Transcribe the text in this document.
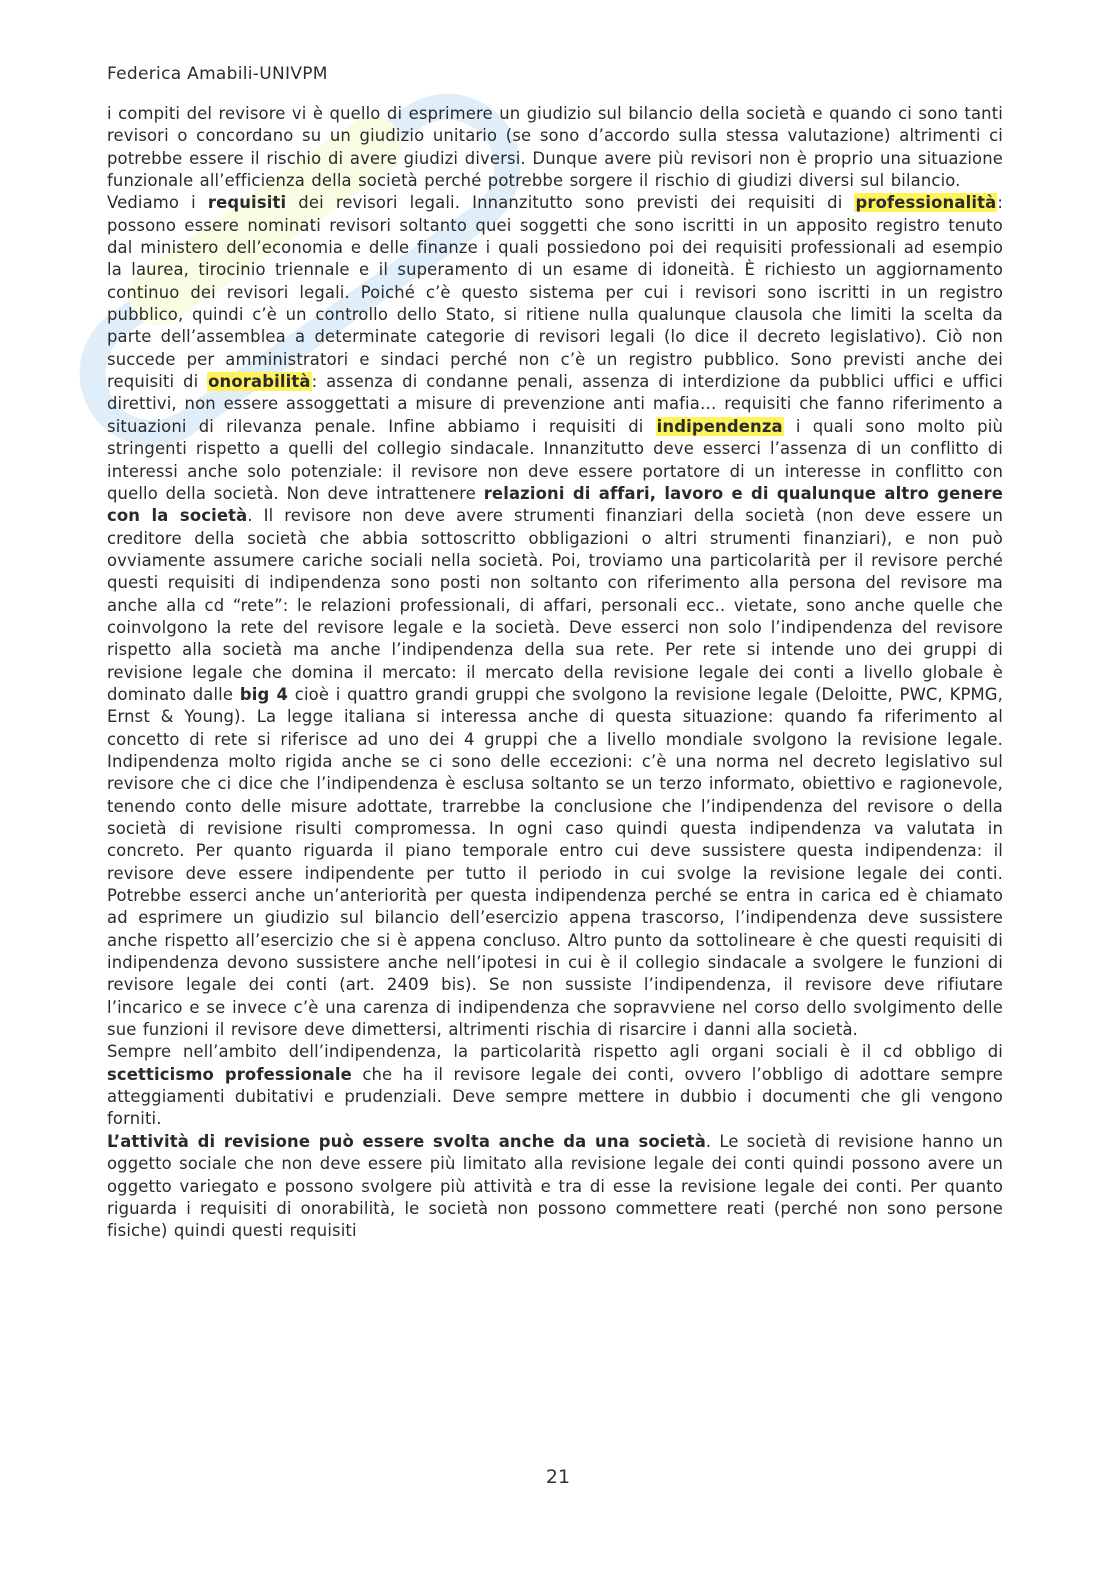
Federica Amabili-UNIVPM

i compiti del revisore vi è quello di esprimere un giudizio sul bilancio della società e quando ci sono tanti revisori o concordano su un giudizio unitario (se sono d’accordo sulla stessa valutazione) altrimenti ci potrebbe essere il rischio di avere giudizi diversi. Dunque avere più revisori non è proprio una situazione funzionale all’efficienza della società perché potrebbe sorgere il rischio di giudizi diversi sul bilancio.

Vediamo i requisiti dei revisori legali. Innanzitutto sono previsti dei requisiti di professionalità: possono essere nominati revisori soltanto quei soggetti che sono iscritti in un apposito registro tenuto dal ministero dell’economia e delle finanze i quali possiedono poi dei requisiti professionali ad esempio la laurea, tirocinio triennale e il superamento di un esame di idoneità. È richiesto un aggiornamento continuo dei revisori legali. Poiché c’è questo sistema per cui i revisori sono iscritti in un registro pubblico, quindi c’è un controllo dello Stato, si ritiene nulla qualunque clausola che limiti la scelta da parte dell’assemblea a determinate categorie di revisori legali (lo dice il decreto legislativo). Ciò non succede per amministratori e sindaci perché non c’è un registro pubblico. Sono previsti anche dei requisiti di onorabilità: assenza di condanne penali, assenza di interdizione da pubblici uffici e uffici direttivi, non essere assoggettati a misure di prevenzione anti mafia… requisiti che fanno riferimento a situazioni di rilevanza penale. Infine abbiamo i requisiti di indipendenza i quali sono molto più stringenti rispetto a quelli del collegio sindacale. Innanzitutto deve esserci l’assenza di un conflitto di interessi anche solo potenziale: il revisore non deve essere portatore di un interesse in conflitto con quello della società. Non deve intrattenere relazioni di affari, lavoro e di qualunque altro genere con la società. Il revisore non deve avere strumenti finanziari della società (non deve essere un creditore della società che abbia sottoscritto obbligazioni o altri strumenti finanziari), e non può ovviamente assumere cariche sociali nella società. Poi, troviamo una particolarità per il revisore perché questi requisiti di indipendenza sono posti non soltanto con riferimento alla persona del revisore ma anche alla cd “rete”: le relazioni professionali, di affari, personali ecc.. vietate, sono anche quelle che coinvolgono la rete del revisore legale e la società. Deve esserci non solo l’indipendenza del revisore rispetto alla società ma anche l’indipendenza della sua rete. Per rete si intende uno dei gruppi di revisione legale che domina il mercato: il mercato della revisione legale dei conti a livello globale è dominato dalle big 4 cioè i quattro grandi gruppi che svolgono la revisione legale (Deloitte, PWC, KPMG, Ernst & Young). La legge italiana si interessa anche di questa situazione: quando fa riferimento al concetto di rete si riferisce ad uno dei 4 gruppi che a livello mondiale svolgono la revisione legale. Indipendenza molto rigida anche se ci sono delle eccezioni: c’è una norma nel decreto legislativo sul revisore che ci dice che l’indipendenza è esclusa soltanto se un terzo informato, obiettivo e ragionevole, tenendo conto delle misure adottate, trarrebbe la conclusione che l’indipendenza del revisore o della società di revisione risulti compromessa. In ogni caso quindi questa indipendenza va valutata in concreto. Per quanto riguarda il piano temporale entro cui deve sussistere questa indipendenza: il revisore deve essere indipendente per tutto il periodo in cui svolge la revisione legale dei conti. Potrebbe esserci anche un’anteriorità per questa indipendenza perché se entra in carica ed è chiamato ad esprimere un giudizio sul bilancio dell’esercizio appena trascorso, l’indipendenza deve sussistere anche rispetto all’esercizio che si è appena concluso. Altro punto da sottolineare è che questi requisiti di indipendenza devono sussistere anche nell’ipotesi in cui è il collegio sindacale a svolgere le funzioni di revisore legale dei conti (art. 2409 bis). Se non sussiste l’indipendenza, il revisore deve rifiutare l’incarico e se invece c’è una carenza di indipendenza che sopravviene nel corso dello svolgimento delle sue funzioni il revisore deve dimettersi, altrimenti rischia di risarcire i danni alla società.

Sempre nell’ambito dell’indipendenza, la particolarità rispetto agli organi sociali è il cd obbligo di scetticismo professionale che ha il revisore legale dei conti, ovvero l’obbligo di adottare sempre atteggiamenti dubitativi e prudenziali. Deve sempre mettere in dubbio i documenti che gli vengono forniti.

L’attività di revisione può essere svolta anche da una società. Le società di revisione hanno un oggetto sociale che non deve essere più limitato alla revisione legale dei conti quindi possono avere un oggetto variegato e possono svolgere più attività e tra di esse la revisione legale dei conti. Per quanto riguarda i requisiti di onorabilità, le società non possono commettere reati (perché non sono persone fisiche) quindi questi requisiti

21
